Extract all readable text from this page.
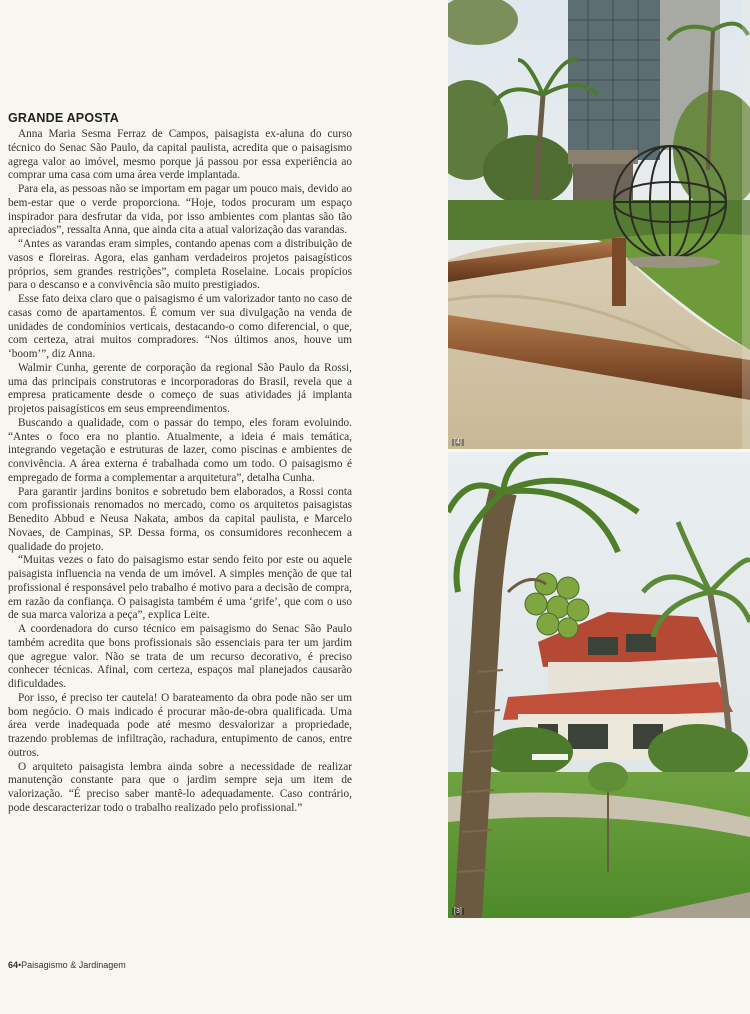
GRANDE APOSTA

Anna Maria Sesma Ferraz de Campos, paisagista ex-aluna do curso técnico do Senac São Paulo, da capital paulista, acredita que o paisagismo agrega valor ao imóvel, mesmo porque já passou por essa experiência ao comprar uma casa com uma área verde implantada.

Para ela, as pessoas não se importam em pagar um pouco mais, devido ao bem-estar que o verde proporciona. “Hoje, todos procuram um espaço inspirador para desfrutar da vida, por isso ambientes com plantas são tão apreciados”, ressalta Anna, que ainda cita a atual valorização das varandas.

“Antes as varandas eram simples, contando apenas com a distribuição de vasos e floreiras. Agora, elas ganham verdadeiros projetos paisagísticos próprios, sem grandes restrições”, completa Roselaine. Locais propícios para o descanso e a convivência são muito prestigiados.

Esse fato deixa claro que o paisagismo é um valorizador tanto no caso de casas como de apartamentos. É comum ver sua divulgação na venda de unidades de condomínios verticais, destacando-o como diferencial, o que, com certeza, atrai muitos compradores. “Nos últimos anos, houve um ‘boom’”, diz Anna.

Walmir Cunha, gerente de corporação da regional São Paulo da Rossi, uma das principais construtoras e incorporadoras do Brasil, revela que a empresa praticamente desde o começo de suas atividades já implanta projetos paisagísticos em seus empreendimentos.

Buscando a qualidade, com o passar do tempo, eles foram evoluindo. “Antes o foco era no plantio. Atualmente, a ideia é mais temática, integrando vegetação e estruturas de lazer, como piscinas e ambientes de convivência. A área externa é trabalhada como um todo. O paisagismo é empregado de forma a complementar a arquitetura”, detalha Cunha.

Para garantir jardins bonitos e sobretudo bem elaborados, a Rossi conta com profissionais renomados no mercado, como os arquitetos paisagistas Benedito Abbud e Neusa Nakata, ambos da capital paulista, e Marcelo Novaes, de Campinas, SP. Dessa forma, os consumidores reconhecem a qualidade do projeto.

“Muitas vezes o fato do paisagismo estar sendo feito por este ou aquele paisagista influencia na venda de um imóvel. A simples menção de que tal profissional é responsável pelo trabalho é motivo para a decisão de compra, em razão da confiança. O paisagista também é uma ‘grife’, que com o uso de sua marca valoriza a peça”, explica Leite.

A coordenadora do curso técnico em paisagismo do Senac São Paulo também acredita que bons profissionais são essenciais para ter um jardim que agregue valor. Não se trata de um recurso decorativo, é preciso conhecer técnicas. Afinal, com certeza, espaços mal planejados causarão dificuldades.

Por isso, é preciso ter cautela! O barateamento da obra pode não ser um bom negócio. O mais indicado é procurar mão-de-obra qualificada. Uma área verde inadequada pode até mesmo desvalorizar a propriedade, trazendo problemas de infiltração, rachadura, entupimento de canos, entre outros.

O arquiteto paisagista lembra ainda sobre a necessidade de realizar manutenção constante para que o jardim sempre seja um item de valorização. “É preciso saber mantê-lo adequadamente. Caso contrário, pode descaracterizar todo o trabalho realizado pelo profissional.”

64•Paisagismo & Jardinagem
[4]
[3]
